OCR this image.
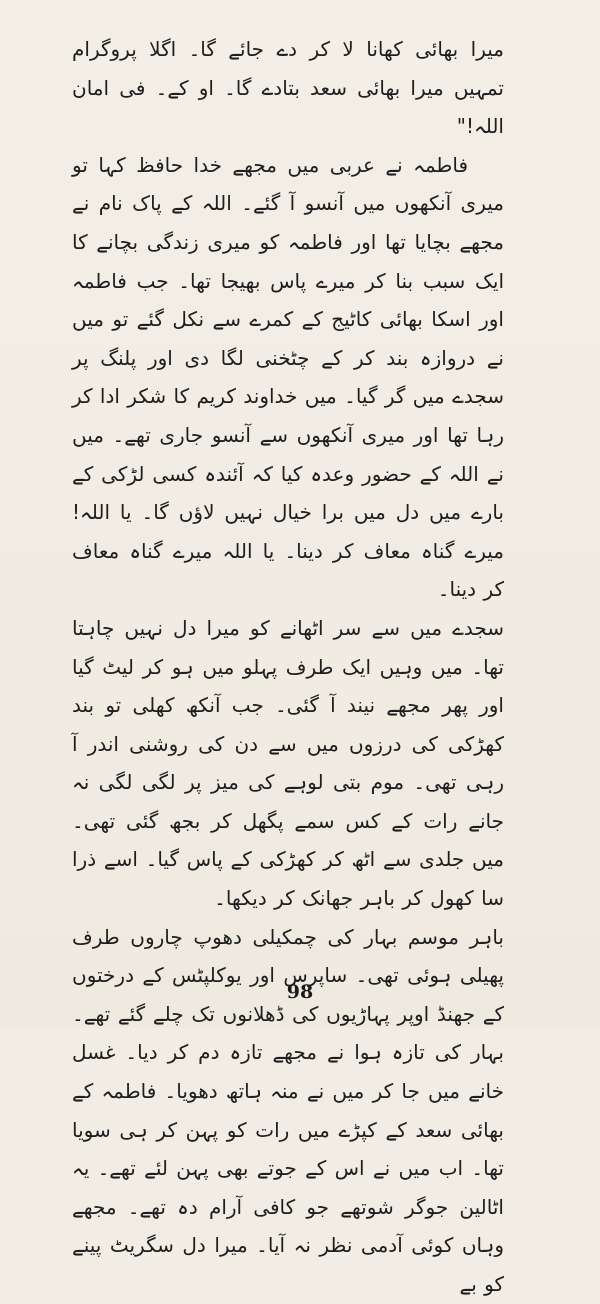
میرا بھائی کھانا لا کر دے جائے گا۔ اگلا پروگرام تمہیں میرا بھائی سعد بتادے گا۔ او کے۔ فی امان اللہ!"

فاطمہ نے عربی میں مجھے خدا حافظ کہا تو میری آنکھوں میں آنسو آ گئے۔ اللہ کے پاک نام نے مجھے بچایا تھا اور فاطمہ کو میری زندگی بچانے کا ایک سبب بنا کر میرے پاس بھیجا تھا۔ جب فاطمہ اور اسکا بھائی کاٹیج کے کمرے سے نکل گئے تو میں نے دروازہ بند کر کے چٹخنی لگا دی اور پلنگ پر سجدے میں گر گیا۔ میں خداوند کریم کا شکر ادا کر رہا تھا اور میری آنکھوں سے آنسو جاری تھے۔ میں نے اللہ کے حضور وعدہ کیا کہ آئندہ کسی لڑکی کے بارے میں دل میں برا خیال نہیں لاؤں گا۔ یا اللہ! میرے گناہ معاف کر دینا۔ یا اللہ میرے گناہ معاف کر دینا۔

سجدے میں سے سر اٹھانے کو میرا دل نہیں چاہتا تھا۔ میں وہیں ایک طرف پہلو میں ہو کر لیٹ گیا اور پھر مجھے نیند آ گئی۔ جب آنکھ کھلی تو بند کھڑکی کی درزوں میں سے دن کی روشنی اندر آ رہی تھی۔ موم بتی لوہے کی میز پر لگی لگی نہ جانے رات کے کس سمے پگھل کر بجھ گئی تھی۔ میں جلدی سے اٹھ کر کھڑکی کے پاس گیا۔ اسے ذرا سا کھول کر باہر جھانک کر دیکھا۔

باہر موسم بہار کی چمکیلی دھوپ چاروں طرف پھیلی ہوئی تھی۔ ساپرس اور یوکلپٹس کے درختوں کے جھنڈ اوپر پہاڑیوں کی ڈھلانوں تک چلے گئے تھے۔ بہار کی تازہ ہوا نے مجھے تازہ دم کر دیا۔ غسل خانے میں جا کر میں نے منہ ہاتھ دھویا۔ فاطمہ کے بھائی سعد کے کپڑے میں رات کو پہن کر ہی سویا تھا۔ اب میں نے اس کے جوتے بھی پہن لئے تھے۔ یہ اٹالین جوگر شوتھے جو کافی آرام دہ تھے۔ مجھے وہاں کوئی آدمی نظر نہ آیا۔ میرا دل سگریٹ پینے کو بے

98
